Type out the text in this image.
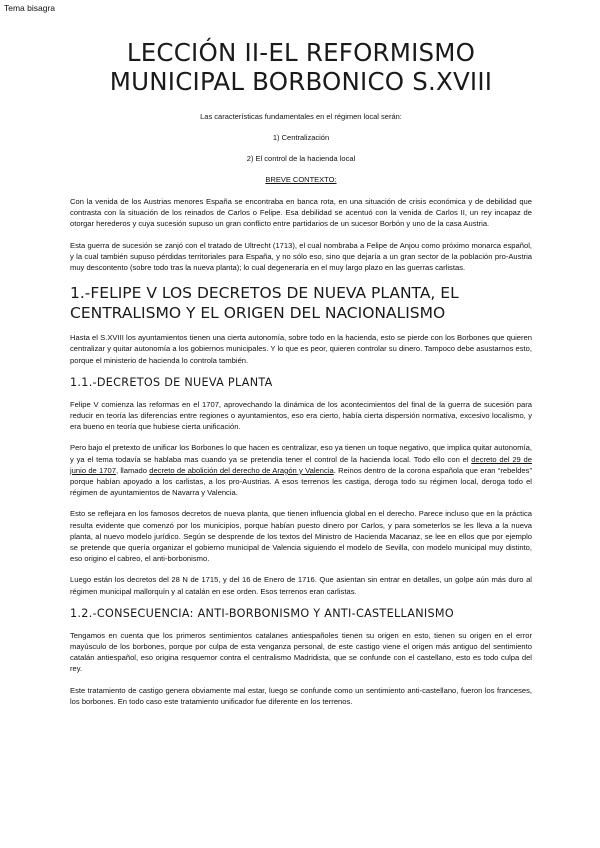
Tema bisagra
LECCIÓN II-EL REFORMISMO MUNICIPAL BORBONICO S.XVIII
Las características fundamentales en el régimen local serán:
1) Centralización
2) El control de la hacienda local
BREVE CONTEXTO:

Con la venida de los Austrias menores España se encontraba en banca rota, en una situación de crisis económica y de debilidad que contrasta con la situación de los reinados de Carlos o Felipe. Esa debilidad se acentuó con la venida de Carlos II, un rey incapaz de otorgar herederos y cuya sucesión supuso un gran conflicto entre partidarios de un sucesor Borbón y uno de la casa Austria.

Esta guerra de sucesión se zanjó con el tratado de Ultrecht (1713), el cual nombraba a Felipe de Anjou como próximo monarca español, y la cual también supuso pérdidas territoriales para España, y no sólo eso, sino que dejaría a un gran sector de la población pro-Austria muy descontento (sobre todo tras la nueva planta); lo cual degeneraría en el muy largo plazo en las guerras carlistas.

1.-FELIPE V LOS DECRETOS DE NUEVA PLANTA, EL CENTRALISMO Y EL ORIGEN DEL NACIONALISMO

Hasta el S.XVIII los ayuntamientos tienen una cierta autonomía, sobre todo en la hacienda, esto se pierde con los Borbones que quieren centralizar y quitar autonomía a los gobiernos municipales. Y lo que es peor, quieren controlar su dinero. Tampoco debe asustarnos esto, porque el ministerio de hacienda lo controla también.

1.1.-DECRETOS DE NUEVA PLANTA

Felipe V comienza las reformas en el 1707, aprovechando la dinámica de los acontecimientos del final de la guerra de sucesión para reducir en teoría las diferencias entre regiones o ayuntamientos, eso era cierto, había cierta dispersión normativa, excesivo localismo, y era bueno en teoría que hubiese cierta unificación.

Pero bajo el pretexto de unificar los Borbones lo que hacen es centralizar, eso ya tienen un toque negativo, que implica quitar autonomía, y ya el tema todavía se hablaba mas cuando ya se pretendía tener el control de la hacienda local. Todo ello con el decreto del 29 de junio de 1707, llamado decreto de abolición del derecho de Aragón y Valencia. Reinos dentro de la corona española que eran “rebeldes” porque habían apoyado a los carlistas, a los pro-Austrias. A esos terrenos les castiga, deroga todo su régimen local, deroga todo el régimen de ayuntamientos de Navarra y Valencia.

Esto se reflejara en los famosos decretos de nueva planta, que tienen influencia global en el derecho. Parece incluso que en la práctica resulta evidente que comenzó por los municipios, porque habían puesto dinero por Carlos, y para someterlos se les lleva a la nueva planta, al nuevo modelo jurídico. Según se desprende de los textos del Ministro de Hacienda Macanaz, se lee en ellos que por ejemplo se pretende que quería organizar el gobierno municipal de Valencia siguiendo el modelo de Sevilla, con modelo municipal muy distinto, eso origino el cabreo, el anti-borbonismo.

Luego están los decretos del 28 N de 1715, y del 16 de Enero de 1716. Que asientan sin entrar en detalles, un golpe aún más duro al régimen municipal mallorquín y al catalán en ese orden. Esos terrenos eran carlistas.

1.2.-CONSECUENCIA: ANTI-BORBONISMO Y ANTI-CASTELLANISMO

Tengamos en cuenta que los primeros sentimientos catalanes antiespañoles tienen su origen en esto, tienen su origen en el error mayúsculo de los borbones, porque por culpa de esta venganza personal, de este castigo viene el origen más antiguo del sentimiento catalán antiespañol, eso origina resquemor contra el centralismo Madridista, que se confunde con el castellano, esto es todo culpa del rey.

Este tratamiento de castigo genera obviamente mal estar, luego se confunde como un sentimiento anti-castellano, fueron los franceses, los borbones. En todo caso este tratamiento unificador fue diferente en los terrenos.
